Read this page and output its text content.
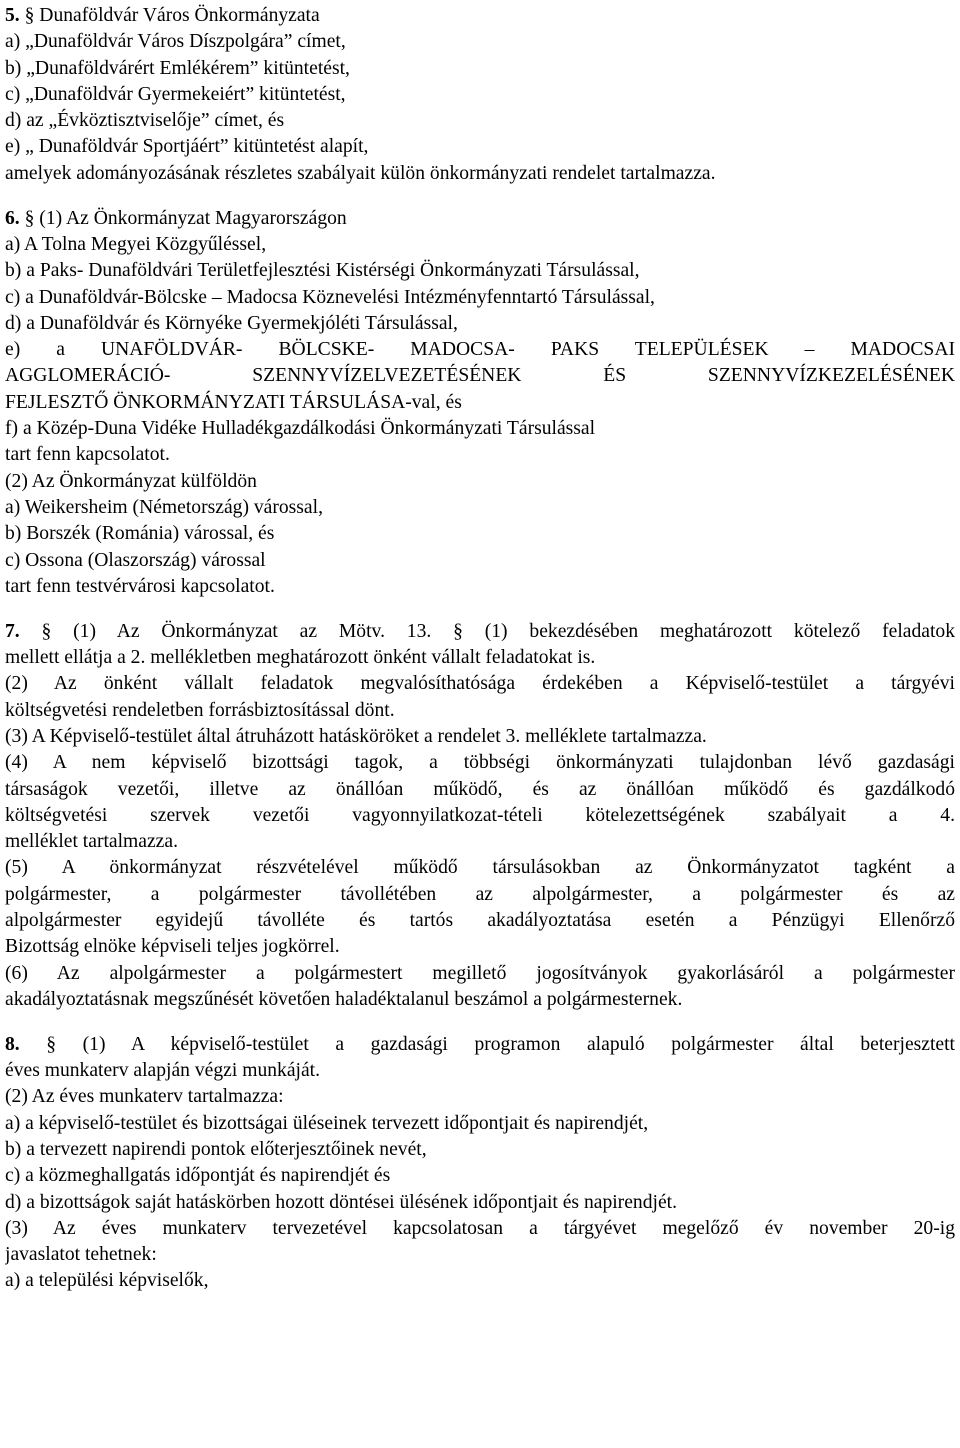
5. § Dunaföldvár Város Önkormányzata
a) „Dunaföldvár Város Díszpolgára” címet,
b) „Dunaföldvárért Emlékérem” kitüntetést,
c) „Dunaföldvár Gyermekeiért” kitüntetést,
d) az „Évköztisztviselője” címet, és
e) „ Dunaföldvár Sportjáért” kitüntetést alapít,
amelyek adományozásának részletes szabályait külön önkormányzati rendelet tartalmazza.
6. § (1) Az Önkormányzat Magyarországon
a) A Tolna Megyei Közgyűléssel,
b) a Paks- Dunaföldvári Területfejlesztési Kistérségi Önkormányzati Társulással,
c) a Dunaföldvár-Bölcske – Madocsa Köznevelési Intézményfenntartó Társulással,
d) a Dunaföldvár és Környéke Gyermekjóléti Társulással,
e) a UNAFÖLDVÁR- BÖLCSKE- MADOCSA- PAKS TELEPÜLÉSEK – MADOCSAI
AGGLOMERÁCIÓ- SZENNYVÍZELVEZETÉSÉNEK ÉS SZENNYVÍZKEZELÉSÉNEK
FEJLESZTŐ ÖNKORMÁNYZATI TÁRSULÁSA-val, és
f) a Közép-Duna Vidéke Hulladékgazdálkodási Önkormányzati Társulással
tart fenn kapcsolatot.
(2) Az Önkormányzat külföldön
a) Weikersheim (Németország) várossal,
b) Borszék (Románia) várossal, és
c) Ossona (Olaszország) várossal
tart fenn testvérvárosi kapcsolatot.
7. § (1) Az Önkormányzat az Mötv. 13. § (1) bekezdésében meghatározott kötelező feladatok
mellett ellátja a 2. mellékletben meghatározott önként vállalt feladatokat is.
(2) Az önként vállalt feladatok megvalósíthatósága érdekében a Képviselő-testület a tárgyévi
költségvetési rendeletben forrásbiztosítással dönt.
(3) A Képviselő-testület által átruházott hatásköröket a rendelet 3. melléklete tartalmazza.
(4) A nem képviselő bizottsági tagok, a többségi önkormányzati tulajdonban lévő gazdasági
társaságok vezetői, illetve az önállóan működő, és az önállóan működő és gazdálkodó
költségvetési szervek vezetői vagyonnyilatkozat-tételi kötelezettségének szabályait a 4.
melléklet tartalmazza.
(5) A önkormányzat részvételével működő társulásokban az Önkormányzatot tagként a
polgármester, a polgármester távollétében az alpolgármester, a polgármester és az
alpolgármester egyidejű távolléte és tartós akadályoztatása esetén a Pénzügyi Ellenőrző
Bizottság elnöke képviseli teljes jogkörrel.
(6) Az alpolgármester a polgármestert megillető jogosítványok gyakorlásáról a polgármester
akadályoztatásnak megszűnését követően haladéktalanul beszámol a polgármesternek.
8. § (1) A képviselő-testület a gazdasági programon alapuló polgármester által beterjesztett
éves munkaterv alapján végzi munkáját.
(2) Az éves munkaterv tartalmazza:
a) a képviselő-testület és bizottságai üléseinek tervezett időpontjait és napirendjét,
b) a tervezett napirendi pontok előterjesztőinek nevét,
c) a közmeghallgatás időpontját és napirendjét és
d) a bizottságok saját hatáskörben hozott döntései ülésének időpontjait és napirendjét.
(3) Az éves munkaterv tervezetével kapcsolatosan a tárgyévet megelőző év november 20-ig
javaslatot tehetnek:
a) a települési képviselők,
